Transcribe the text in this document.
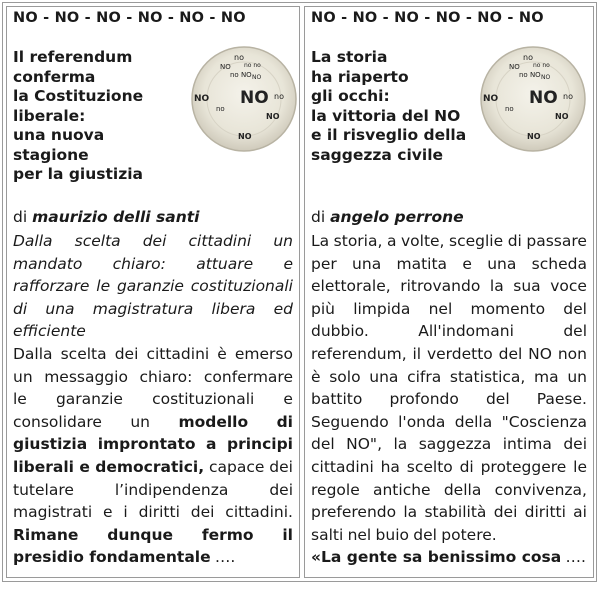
NO - NO - NO - NO - NO - NO
Il referendum
conferma
la Costituzione
liberale:
una nuova
stagione
per la giustizia
no
NO no no
no NO NO
NO NO no
no
NO
NO
di maurizio delli santi
Dalla scelta dei cittadini un
mandato chiaro: attuare e
rafforzare le garanzie costituzionali
di una magistratura libera ed
efficiente
Dalla scelta dei cittadini è emerso
un messaggio chiaro: confermare
le garanzie costituzionali e
consolidare un modello di
giustizia improntato a principi
liberali e democratici, capace dei
tutelare	l’indipendenza	dei
magistrati e i diritti dei cittadini.
Rimane dunque fermo il
presidio fondamentale ….
NO - NO - NO - NO - NO - NO
La storia
ha riaperto
gli occhi:
la vittoria del NO
e il risveglio della
saggezza civile
no
NO no no
no NO NO
NO NO no
no
NO
NO
di angelo perrone
La storia, a volte, sceglie di passare
per una matita e una scheda
elettorale, ritrovando la sua voce
più limpida nel momento del
dubbio.	All'indomani	del
referendum, il verdetto del NO non
è solo una cifra statistica, ma un
battito profondo del Paese.
Seguendo l'onda della "Coscienza
del NO", la saggezza intima dei
cittadini ha scelto di proteggere le
regole antiche della convivenza,
preferendo la stabilità dei diritti ai
salti nel buio del potere.
«La gente sa benissimo cosa ….
